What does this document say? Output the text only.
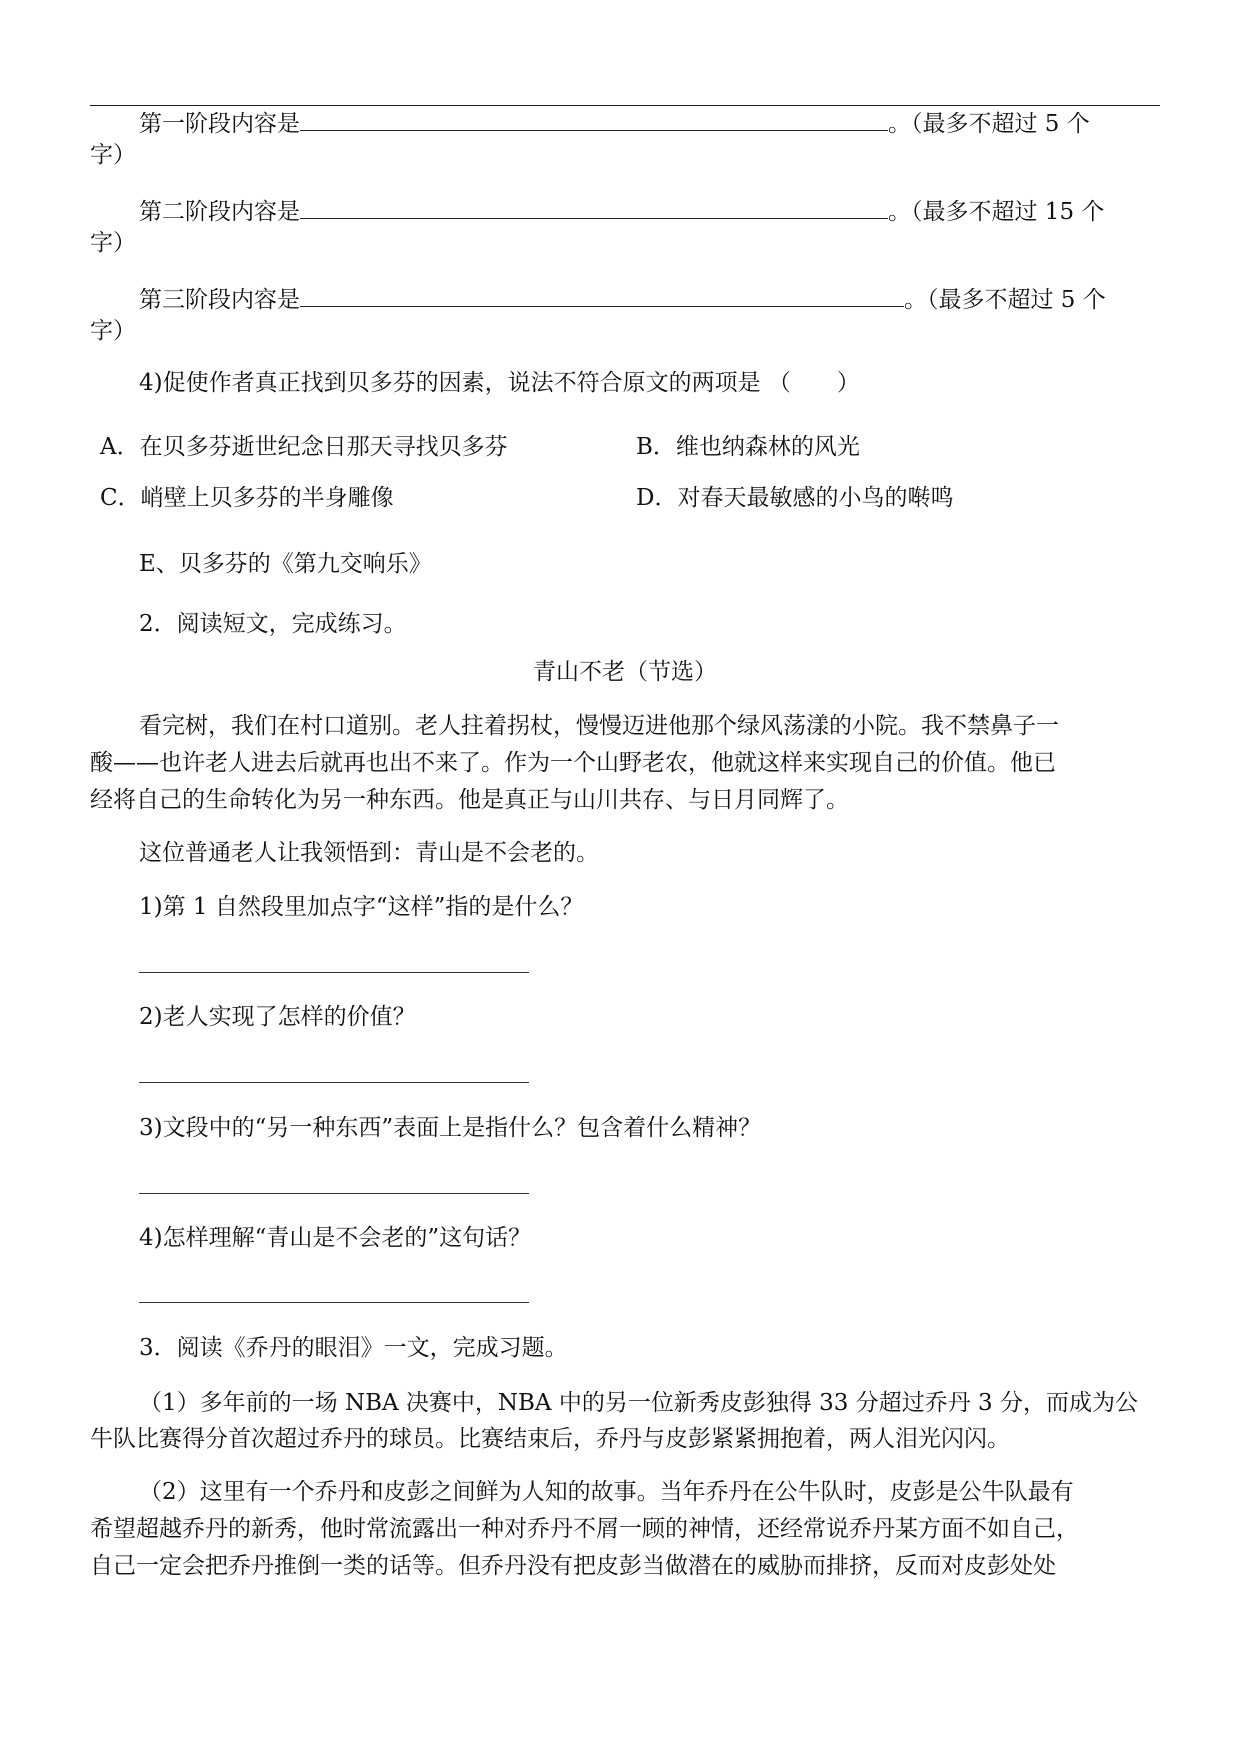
第一阶段内容是	。（最多不超过 5 个
字）
第二阶段内容是	。（最多不超过 15 个
字）
第三阶段内容是	。（最多不超过 5 个
字）
4)促使作者真正找到贝多芬的因素，说法不符合原文的两项是 （　　）
A．在贝多芬逝世纪念日那天寻找贝多芬	B．维也纳森林的风光
C．峭壁上贝多芬的半身雕像	D．对春天最敏感的小鸟的啭鸣
E、贝多芬的《第九交响乐》
2．阅读短文，完成练习。
青山不老（节选）
看完树，我们在村口道别。老人拄着拐杖，慢慢迈进他那个绿风荡漾的小院。我不禁鼻子一
酸——也许老人进去后就再也出不来了。作为一个山野老农，他就这样来实现自己的价值。他已
经将自己的生命转化为另一种东西。他是真正与山川共存、与日月同辉了。
这位普通老人让我领悟到：青山是不会老的。
1)第 1 自然段里加点字“这样”指的是什么？
2)老人实现了怎样的价值？
3)文段中的“另一种东西”表面上是指什么？包含着什么精神？
4)怎样理解“青山是不会老的”这句话？
3．阅读《乔丹的眼泪》一文，完成习题。
（1）多年前的一场 NBA 决赛中，NBA 中的另一位新秀皮彭独得 33 分超过乔丹 3 分，而成为公
牛队比赛得分首次超过乔丹的球员。比赛结束后，乔丹与皮彭紧紧拥抱着，两人泪光闪闪。
（2）这里有一个乔丹和皮彭之间鲜为人知的故事。当年乔丹在公牛队时，皮彭是公牛队最有
希望超越乔丹的新秀，他时常流露出一种对乔丹不屑一顾的神情，还经常说乔丹某方面不如自己，
自己一定会把乔丹推倒一类的话等。但乔丹没有把皮彭当做潜在的威胁而排挤，反而对皮彭处处
